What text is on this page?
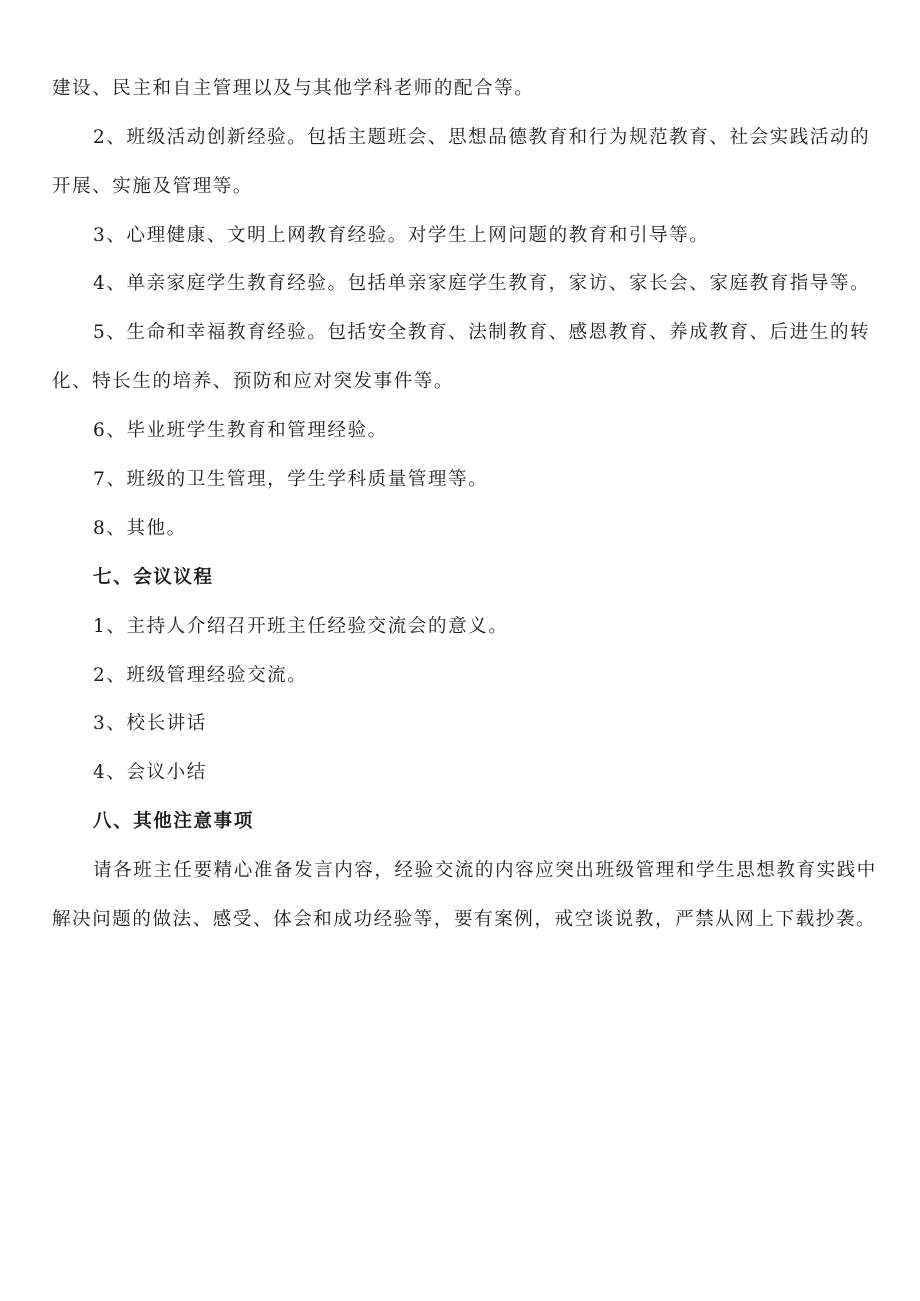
建设、民主和自主管理以及与其他学科老师的配合等。
2、班级活动创新经验。包括主题班会、思想品德教育和行为规范教育、社会实践活动的
开展、实施及管理等。
3、心理健康、文明上网教育经验。对学生上网问题的教育和引导等。
4、单亲家庭学生教育经验。包括单亲家庭学生教育，家访、家长会、家庭教育指导等。
5、生命和幸福教育经验。包括安全教育、法制教育、感恩教育、养成教育、后进生的转
化、特长生的培养、预防和应对突发事件等。
6、毕业班学生教育和管理经验。
7、班级的卫生管理，学生学科质量管理等。
8、其他。
七、会议议程
1、主持人介绍召开班主任经验交流会的意义。
2、班级管理经验交流。
3、校长讲话
4、会议小结
八、其他注意事项
请各班主任要精心准备发言内容，经验交流的内容应突出班级管理和学生思想教育实践中
解决问题的做法、感受、体会和成功经验等，要有案例，戒空谈说教，严禁从网上下载抄袭。
